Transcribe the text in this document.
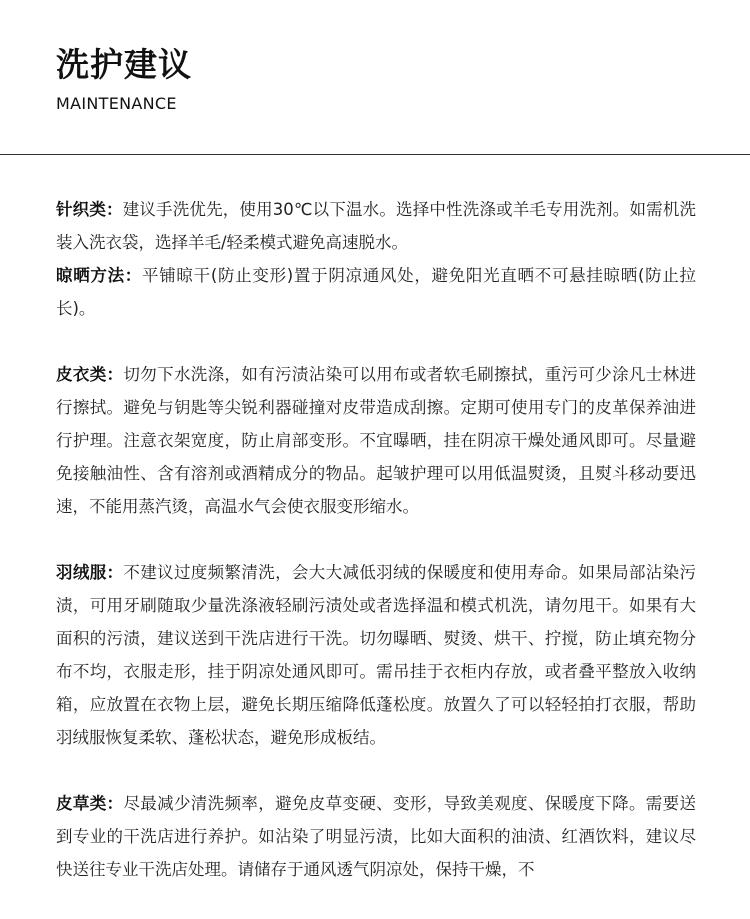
洗护建议
MAINTENANCE

针织类：建议手洗优先，使用30℃以下温水。选择中性洗涤或羊毛专用洗剂。如需机洗装入洗衣袋，选择羊毛/轻柔模式避免高速脱水。

晾晒方法：平铺晾干(防止变形)置于阴凉通风处，避免阳光直晒不可悬挂晾晒(防止拉长)。

皮衣类：切勿下水洗涤，如有污渍沾染可以用布或者软毛刷擦拭，重污可少涂凡士林进行擦拭。避免与钥匙等尖锐利器碰撞对皮带造成刮擦。定期可使用专门的皮革保养油进行护理。注意衣架宽度，防止肩部变形。不宜曝晒，挂在阴凉干燥处通风即可。尽量避免接触油性、含有溶剂或酒精成分的物品。起皱护理可以用低温熨烫，且熨斗移动要迅速，不能用蒸汽烫，高温水气会使衣服变形缩水。

羽绒服：不建议过度频繁清洗，会大大减低羽绒的保暖度和使用寿命。如果局部沾染污渍，可用牙刷随取少量洗涤液轻刷污渍处或者选择温和模式机洗，请勿甩干。如果有大面积的污渍，建议送到干洗店进行干洗。切勿曝晒、熨烫、烘干、拧搅，防止填充物分布不均，衣服走形，挂于阴凉处通风即可。需吊挂于衣柜内存放，或者叠平整放入收纳箱，应放置在衣物上层，避免长期压缩降低蓬松度。放置久了可以轻轻拍打衣服，帮助羽绒服恢复柔软、蓬松状态，避免形成板结。

皮草类：尽最减少清洗频率，避免皮草变硬、变形，导致美观度、保暖度下降。需要送到专业的干洗店进行养护。如沾染了明显污渍，比如大面积的油渍、红酒饮料，建议尽快送往专业干洗店处理。请储存于通风透气阴凉处，保持干燥，不
